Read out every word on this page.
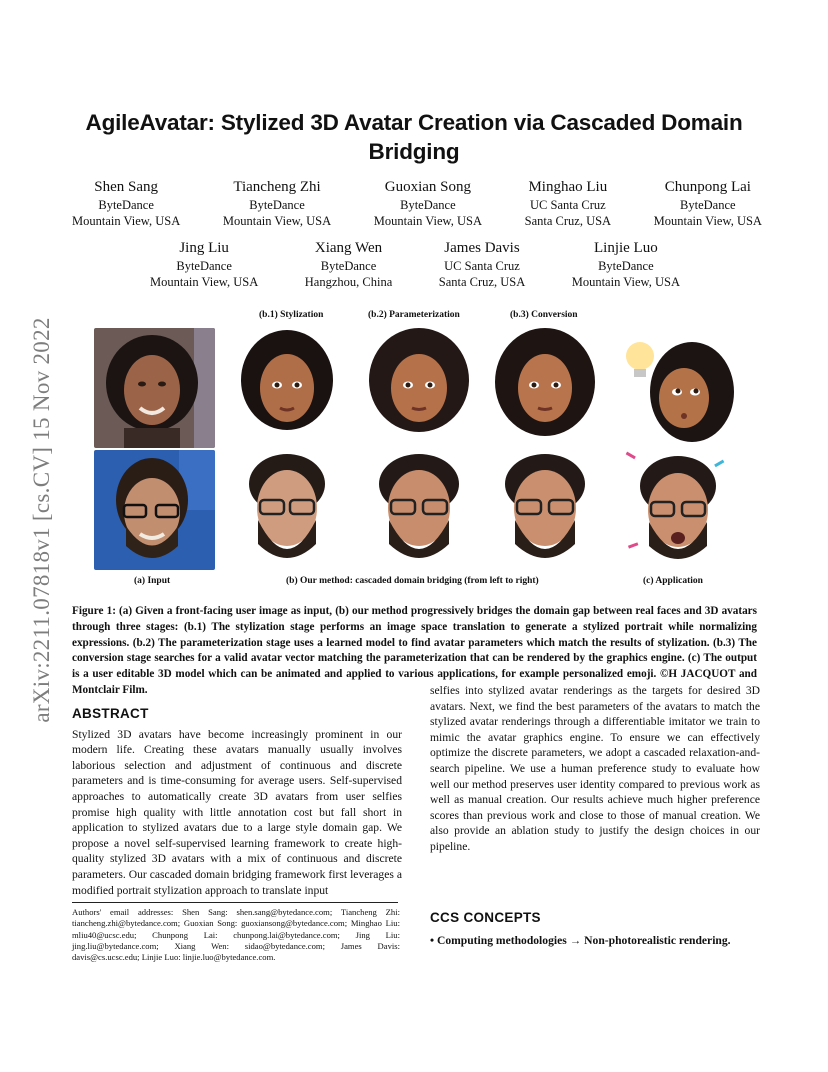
arXiv:2211.07818v1 [cs.CV] 15 Nov 2022
AgileAvatar: Stylized 3D Avatar Creation via Cascaded Domain Bridging
Shen Sang
ByteDance
Mountain View, USA
Tiancheng Zhi
ByteDance
Mountain View, USA
Guoxian Song
ByteDance
Mountain View, USA
Minghao Liu
UC Santa Cruz
Santa Cruz, USA
Chunpong Lai
ByteDance
Mountain View, USA
Jing Liu
ByteDance
Mountain View, USA
Xiang Wen
ByteDance
Hangzhou, China
James Davis
UC Santa Cruz
Santa Cruz, USA
Linjie Luo
ByteDance
Mountain View, USA
(b.1) Stylization	(b.2) Parameterization	(b.3) Conversion
(a) Input	(b) Our method: cascaded domain bridging (from left to right)	(c) Application
Figure 1: (a) Given a front-facing user image as input, (b) our method progressively bridges the domain gap between real faces and 3D avatars through three stages: (b.1) The stylization stage performs an image space translation to generate a stylized portrait while normalizing expressions. (b.2) The parameterization stage uses a learned model to find avatar parameters which match the results of stylization. (b.3) The conversion stage searches for a valid avatar vector matching the parameterization that can be rendered by the graphics engine. (c) The output is a user editable 3D model which can be animated and applied to various applications, for example personalized emoji. ©H JACQUOT and Montclair Film.
ABSTRACT

Stylized 3D avatars have become increasingly prominent in our modern life. Creating these avatars manually usually involves laborious selection and adjustment of continuous and discrete parameters and is time-consuming for average users. Self-supervised approaches to automatically create 3D avatars from user selfies promise high quality with little annotation cost but fall short in application to stylized avatars due to a large style domain gap. We propose a novel self-supervised learning framework to create high-quality stylized 3D avatars with a mix of continuous and discrete parameters. Our cascaded domain bridging framework first leverages a modified portrait stylization approach to translate input

selfies into stylized avatar renderings as the targets for desired 3D avatars. Next, we find the best parameters of the avatars to match the stylized avatar renderings through a differentiable imitator we train to mimic the avatar graphics engine. To ensure we can effectively optimize the discrete parameters, we adopt a cascaded relaxation-and-search pipeline. We use a human preference study to evaluate how well our method preserves user identity compared to previous work as well as manual creation. Our results achieve much higher preference scores than previous work and close to those of manual creation. We also provide an ablation study to justify the design choices in our pipeline.

Authors' email addresses: Shen Sang: shen.sang@bytedance.com; Tiancheng Zhi: tiancheng.zhi@bytedance.com; Guoxian Song: guoxiansong@bytedance.com; Minghao Liu: mliu40@ucsc.edu; Chunpong Lai: chunpong.lai@bytedance.com; Jing Liu: jing.liu@bytedance.com; Xiang Wen: sidao@bytedance.com; James Davis: davis@cs.ucsc.edu; Linjie Luo: linjie.luo@bytedance.com.
CCS CONCEPTS
• Computing methodologies → Non-photorealistic rendering.
